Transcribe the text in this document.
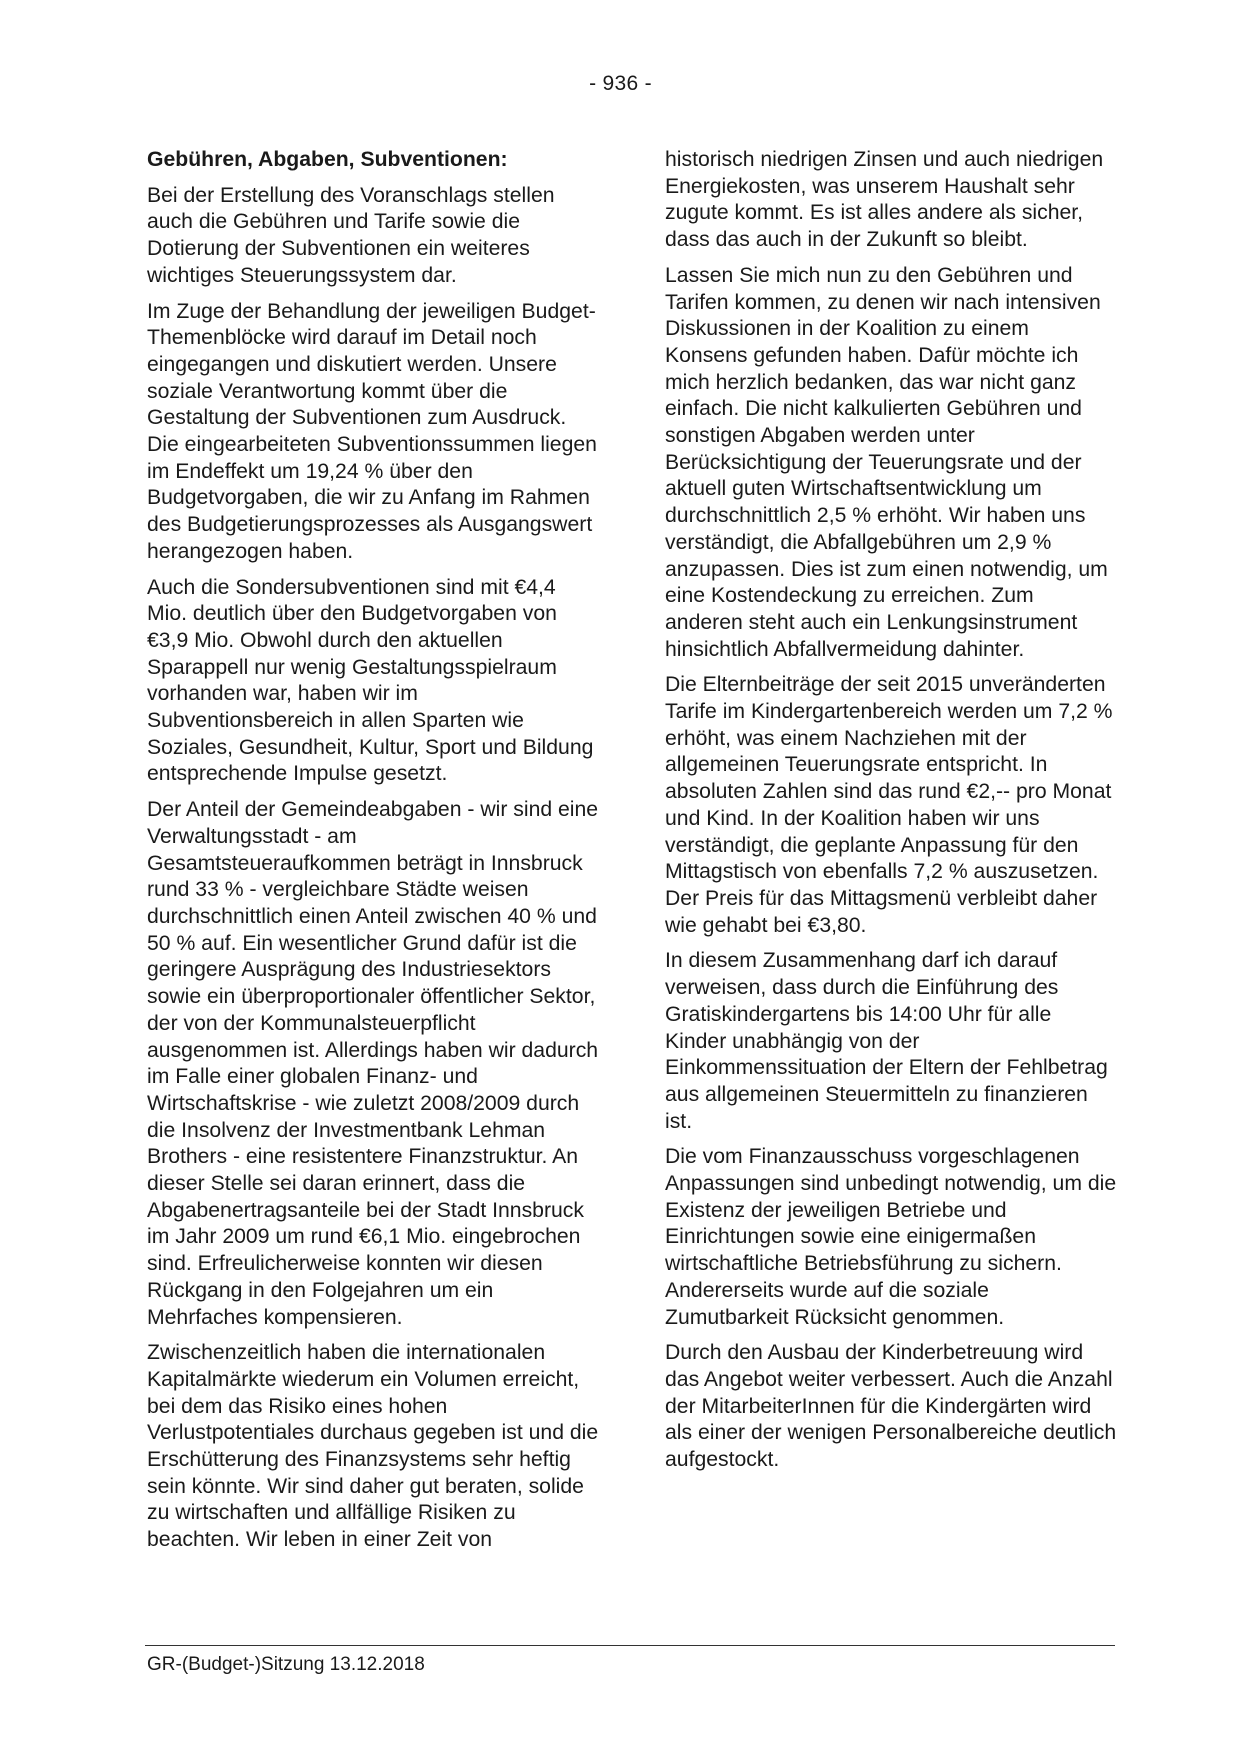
- 936 -

Gebühren, Abgaben, Subventionen:

Bei der Erstellung des Voranschlags stellen auch die Gebühren und Tarife sowie die Dotierung der Subventionen ein weiteres wichtiges Steuerungssystem dar.

Im Zuge der Behandlung der jeweiligen Budget-Themenblöcke wird darauf im Detail noch eingegangen und diskutiert werden. Unsere soziale Verantwortung kommt über die Gestaltung der Subventionen zum Ausdruck. Die eingearbeiteten Subventionssummen liegen im Endeffekt um 19,24 % über den Budgetvorgaben, die wir zu Anfang im Rahmen des Budgetierungsprozesses als Ausgangswert herangezogen haben.

Auch die Sondersubventionen sind mit €4,4 Mio. deutlich über den Budgetvorgaben von €3,9 Mio. Obwohl durch den aktuellen Sparappell nur wenig Gestaltungsspielraum vorhanden war, haben wir im Subventionsbereich in allen Sparten wie Soziales, Gesundheit, Kultur, Sport und Bildung entsprechende Impulse gesetzt.

Der Anteil der Gemeindeabgaben - wir sind eine Verwaltungsstadt - am Gesamtsteueraufkommen beträgt in Innsbruck rund 33 % - vergleichbare Städte weisen durchschnittlich einen Anteil zwischen 40 % und 50 % auf. Ein wesentlicher Grund dafür ist die geringere Ausprägung des Industriesektors sowie ein überproportionaler öffentlicher Sektor, der von der Kommunalsteuerpflicht ausgenommen ist. Allerdings haben wir dadurch im Falle einer globalen Finanz- und Wirtschaftskrise - wie zuletzt 2008/2009 durch die Insolvenz der Investmentbank Lehman Brothers - eine resistentere Finanzstruktur. An dieser Stelle sei daran erinnert, dass die Abgabenertragsanteile bei der Stadt Innsbruck im Jahr 2009 um rund €6,1 Mio. eingebrochen sind. Erfreulicherweise konnten wir diesen Rückgang in den Folgejahren um ein Mehrfaches kompensieren.

Zwischenzeitlich haben die internationalen Kapitalmärkte wiederum ein Volumen erreicht, bei dem das Risiko eines hohen Verlustpotentiales durchaus gegeben ist und die Erschütterung des Finanzsystems sehr heftig sein könnte. Wir sind daher gut beraten, solide zu wirtschaften und allfällige Risiken zu beachten. Wir leben in einer Zeit von

historisch niedrigen Zinsen und auch niedrigen Energiekosten, was unserem Haushalt sehr zugute kommt. Es ist alles andere als sicher, dass das auch in der Zukunft so bleibt.

Lassen Sie mich nun zu den Gebühren und Tarifen kommen, zu denen wir nach intensiven Diskussionen in der Koalition zu einem Konsens gefunden haben. Dafür möchte ich mich herzlich bedanken, das war nicht ganz einfach. Die nicht kalkulierten Gebühren und sonstigen Abgaben werden unter Berücksichtigung der Teuerungsrate und der aktuell guten Wirtschaftsentwicklung um durchschnittlich 2,5 % erhöht. Wir haben uns verständigt, die Abfallgebühren um 2,9 % anzupassen. Dies ist zum einen notwendig, um eine Kostendeckung zu erreichen. Zum anderen steht auch ein Lenkungsinstrument hinsichtlich Abfallvermeidung dahinter.

Die Elternbeiträge der seit 2015 unveränderten Tarife im Kindergartenbereich werden um 7,2 % erhöht, was einem Nachziehen mit der allgemeinen Teuerungsrate entspricht. In absoluten Zahlen sind das rund €2,-- pro Monat und Kind. In der Koalition haben wir uns verständigt, die geplante Anpassung für den Mittagstisch von ebenfalls 7,2 % auszusetzen. Der Preis für das Mittagsmenü verbleibt daher wie gehabt bei €3,80.

In diesem Zusammenhang darf ich darauf verweisen, dass durch die Einführung des Gratiskindergartens bis 14:00 Uhr für alle Kinder unabhängig von der Einkommenssituation der Eltern der Fehlbetrag aus allgemeinen Steuermitteln zu finanzieren ist.

Die vom Finanzausschuss vorgeschlagenen Anpassungen sind unbedingt notwendig, um die Existenz der jeweiligen Betriebe und Einrichtungen sowie eine einigermaßen wirtschaftliche Betriebsführung zu sichern. Andererseits wurde auf die soziale Zumutbarkeit Rücksicht genommen.

Durch den Ausbau der Kinderbetreuung wird das Angebot weiter verbessert. Auch die Anzahl der MitarbeiterInnen für die Kindergärten wird als einer der wenigen Personalbereiche deutlich aufgestockt.

GR-(Budget-)Sitzung 13.12.2018
